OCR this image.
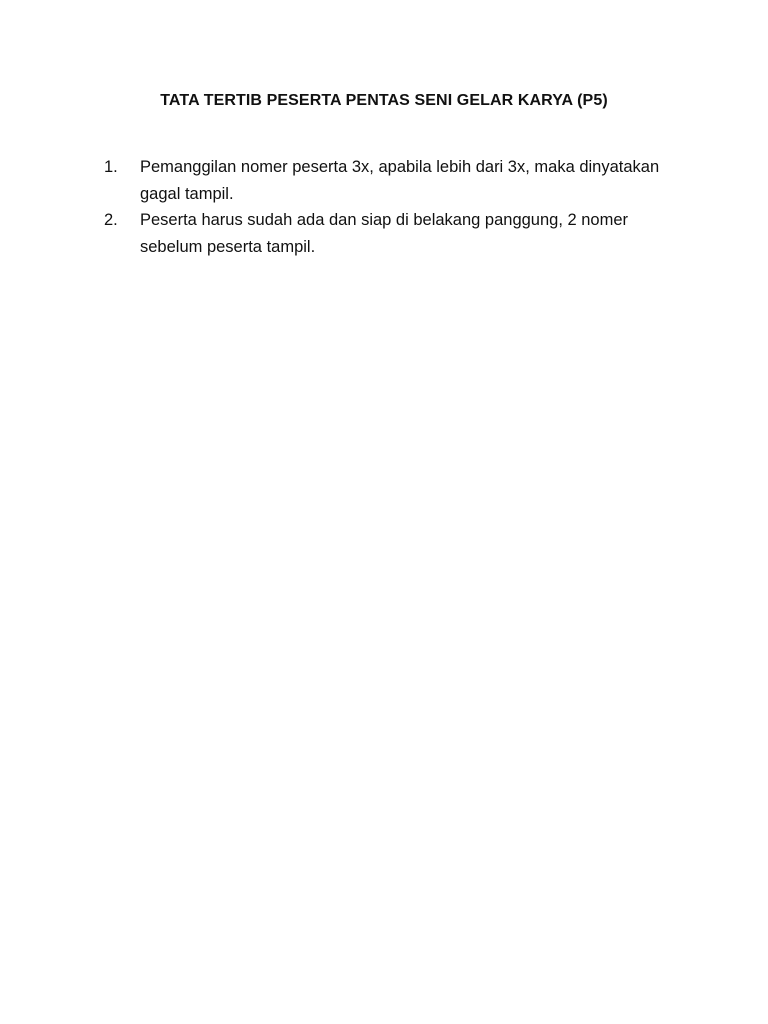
TATA TERTIB PESERTA PENTAS SENI GELAR KARYA (P5)
1.	Pemanggilan nomer peserta 3x, apabila lebih dari 3x, maka dinyatakan gagal tampil.
2.	Peserta harus sudah ada dan siap di belakang panggung, 2 nomer sebelum peserta tampil.
